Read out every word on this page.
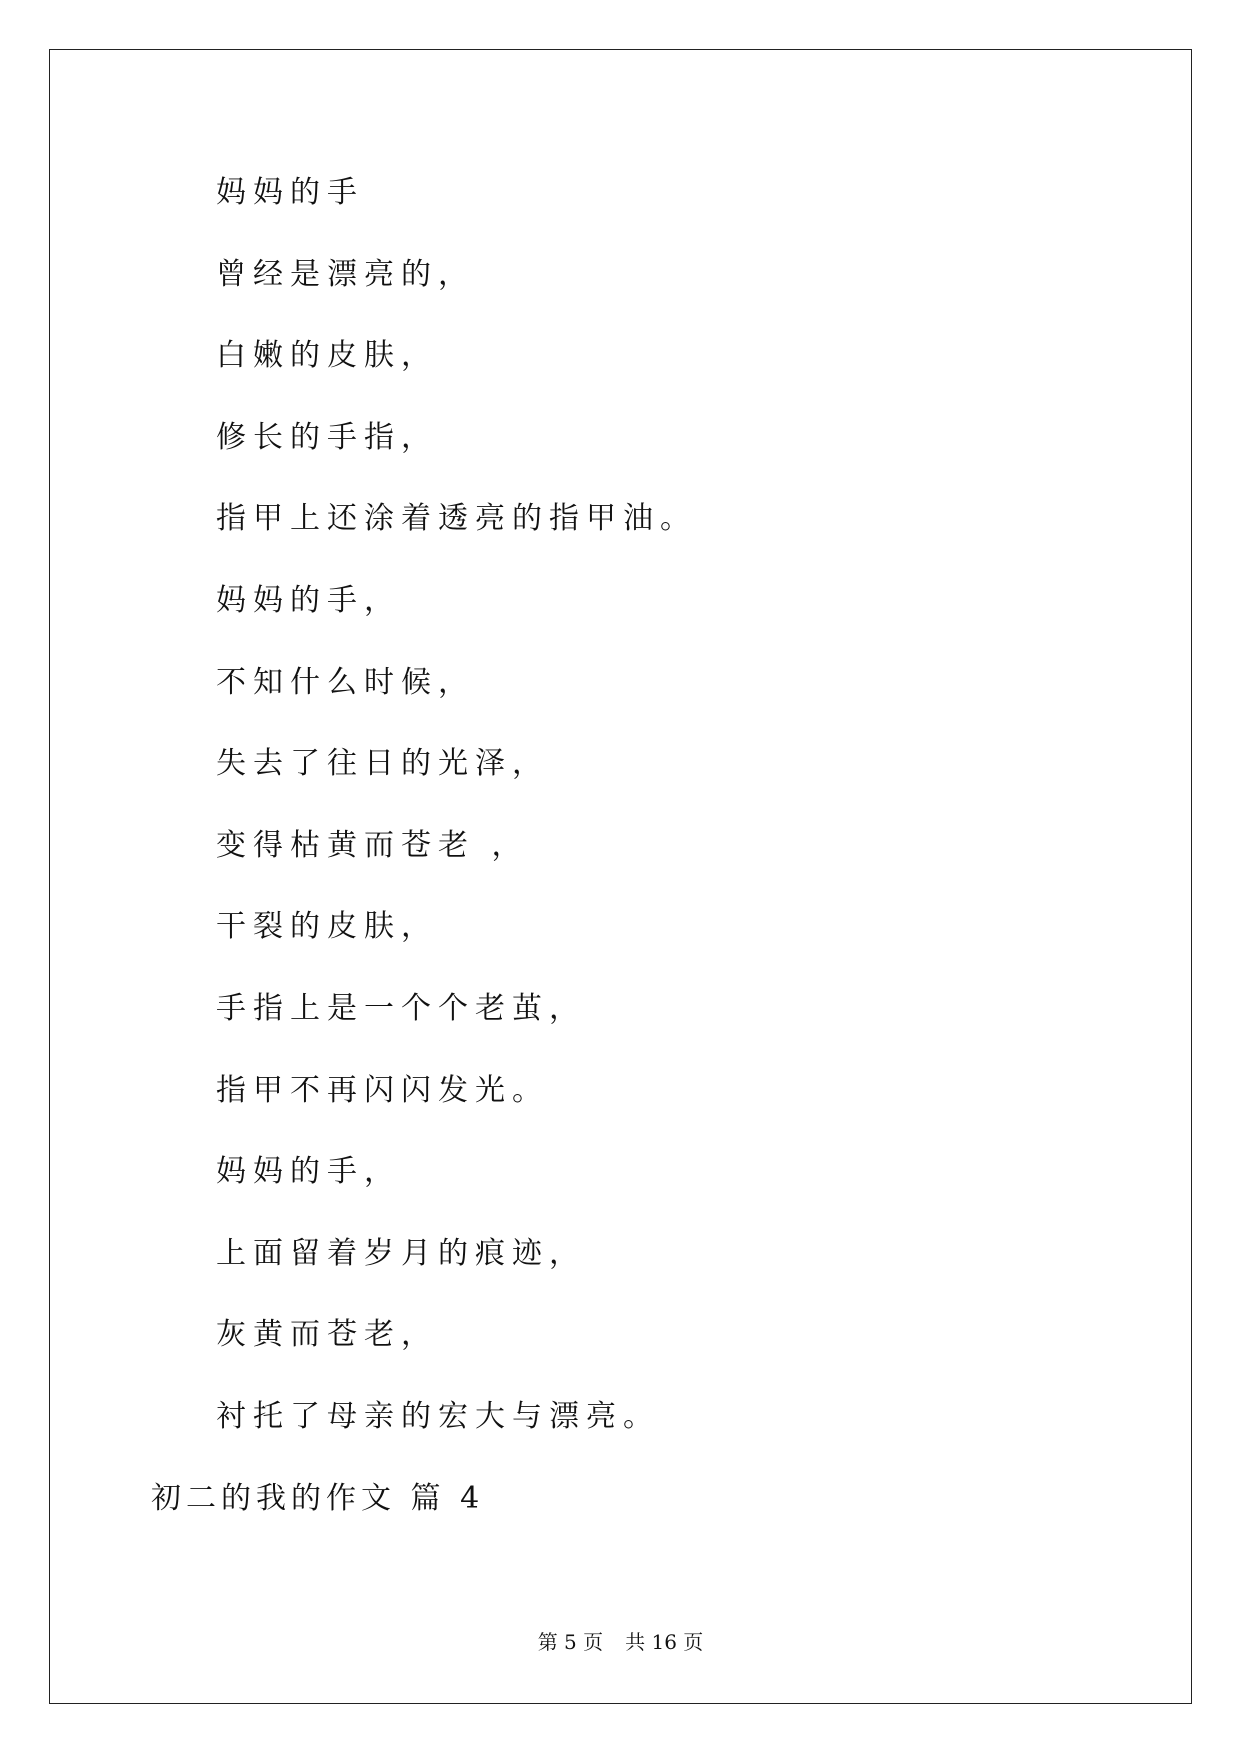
妈妈的手
曾经是漂亮的，
白嫩的皮肤，
修长的手指，
指甲上还涂着透亮的指甲油。
妈妈的手，
不知什么时候，
失去了往日的光泽，
变得枯黄而苍老 ，
干裂的皮肤，
手指上是一个个老茧，
指甲不再闪闪发光。
妈妈的手，
上面留着岁月的痕迹，
灰黄而苍老，
衬托了母亲的宏大与漂亮。
初二的我的作文 篇 4
第 5 页 共 16 页
